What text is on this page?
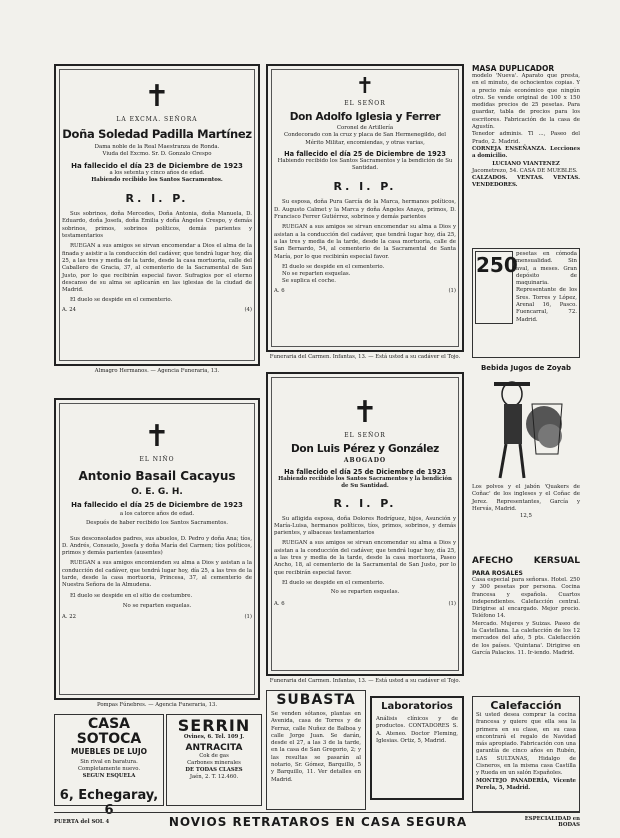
✝
LA EXCMA. SEÑORA
Doña Soledad Padilla Martínez
Dama noble de la Real Maestranza de Ronda.
Viuda del Excmo. Sr. D. Gonzalo Crespo
Ha fallecido el día 23 de Diciembre de 1923
a los setenta y cinco años de edad.
Habiendo recibido los Santos Sacramentos.
R. I. P.
Sus sobrinos, doña Mercedes, Doña Antonia, doña Manuela, D. Eduardo, doña Josefa, doña Emilia y doña Ángeles Crespo, y demás sobrinos, primos, sobrinos políticos, demás parientes y testamentarios
RUEGAN a sus amigos se sirvan encomendar a Dios el alma de la finada y asistir a la conducción del cadáver, que tendrá lugar hoy, día 25, a las tres y media de la tarde, desde la casa mortuoria, calle del Caballero de Gracia, 37, al cementerio de la Sacramental de San Justo, por lo que recibirán especial favor. Sufragios por el eterno descanso de su alma se aplicarán en las iglesias de la ciudad de Madrid.
El duelo se despide en el cementerio.
A. 24	(4)
Almagro Hermanos. — Agencia Funeraria, 13.
✝
EL NIÑO
Antonio Basail Cacayus
O. E. G. H.
Ha fallecido el día 25 de Diciembre de 1923
a los catorce años de edad.
Después de haber recibido los Santos Sacramentos.
Sus desconsolados padres, sus abuelos, D. Pedro y doña Ana; tíos, D. Andrés, Consuelo, Josefa y doña María del Carmen; tíos políticos, primos y demás parientes (ausentes)
RUEGAN a sus amigos encomienden su alma a Dios y asistan a la conducción del cadáver, que tendrá lugar hoy, día 25, a las tres de la tarde, desde la casa mortuoria, Princesa, 37, al cementerio de Nuestra Señora de la Almudena.
El duelo se despide en el sitio de costumbre.
No se reparten esquelas.
A. 22	(1)
Pompas Fúnebres. — Agencia Funeraria, 13.
✝
EL SEÑOR
Don Adolfo Iglesia y Ferrer
Coronel de Artillería
Condecorado con la cruz y placa de San Hermenegildo, del Mérito Militar, encomiendas, y otras varias,
Ha fallecido el día 25 de Diciembre de 1923
Habiendo recibido los Santos Sacramentos y la bendición de Su Santidad.
R. I. P.
Su esposa, doña Pura García de la Marca, hermanos políticos, D. Augusto Calmet y la Marca y doña Ángeles Anaya, primos, D. Francisco Ferrer Gutiérrez, sobrinos y demás parientes
RUEGAN a sus amigos se sirvan encomendar su alma a Dios y asistan a la conducción del cadáver, que tendrá lugar hoy, día 25, a las tres y media de la tarde, desde la casa mortuoria, calle de San Bernardo, 54, al cementerio de la Sacramental de Santa María, por lo que recibirán especial favor.
El duelo se despide en el cementerio.
No se reparten esquelas.
Se suplica el coche.
A. 6	(1)
Funeraria del Carmen. Infantas, 13. — Está usted a su cadáver el Tojo.
✝
EL SEÑOR
Don Luis Pérez y González
ABOGADO
Ha fallecido el día 25 de Diciembre de 1923
Habiendo recibido los Santos Sacramentos y la bendición de Su Santidad.
R. I. P.
Su afligida esposa, doña Dolores Rodríguez, hijos, Asunción y María-Luisa, hermanos políticos, tíos, primos, sobrinos, y demás parientes, y albaceas testamentarios
RUEGAN a sus amigos se sirvan encomendar su alma a Dios y asistan a la conducción del cadáver, que tendrá lugar hoy, día 25, a las tres y media de la tarde, desde la casa mortuoria, Paseo Ancho, 18, al cementerio de la Sacramental de San Justo, por lo que recibirán especial favor.
El duelo se despide en el cementerio.
No se reparten esquelas.
A. 6	(1)
Funeraria del Carmen. Infantas, 13. — Está usted a su cadáver el Tojo.
CASA SOTOCA
MUEBLES DE LUJO
Sin rival en baratura.
Completamente nuevo.
SEGUN ESQUELA
6, Echegaray, 6
SERRIN
Ovines, 6. Tel. 109 J.
ANTRACITA
Cok de gas
Carbones minerales
DE TODAS CLASES
Jaén, 2. T. 12.460.
SUBASTA
Se venden sótanos, plantas en Avenida, casa de Torres y de Ferraz, calle Nuñez de Balboa y calle Jorge Juan. Se darán, desde el 27, a las 3 de la tarde, en la casa de San Gregorio, 2; y las resultas se pasarán al notario, Sr. Gómez, Barquillo, 5 y Barquillo, 11. Ver detalles en Madrid.
Laboratorios
Análisis clínicos y de productos. CONTADORES S. A. Ateneo. Doctor Fleming, Iglesias. Ortiz, 5, Madrid.
MASA DUPLICADOR
modelo 'Nueva'. Aparato que presta, en el minuto, de ochocientos copias. Y a precio más económico que ningún otro. Se vende original de 100 x 150 medidas precios de 25 pesetas. Para guardar, tabla de precios para los escritores. Fabricación de la casa de Agustín.
Tenedor adminis. Tl ..., Paseo del Prado, 2. Madrid.
CORNEJA ENSEÑANZA. Lecciones a domicilio.
LUCIANO VIANTENEZ
Jacometrezo, 54. CASA DE MUEBLES.
CALZADOS. VENTAS. VENTAS. VENDEDORES.
250
pesetas en cómoda mensualidad. Sin aval, a meses. Gran depósito de maquinaria. Representante de los Sres. Torres y López, Arenal 16, Pasco. Fuencarral, 72. Madrid.
Bebida Jugos de Zoyab
Los polvos y el jabón 'Quakers de Coñac' de los ingleses y el Coñac de Jerez. Representantes, García y Hervás, Madrid.
12,5
AFECHO KERSUAL
PARA ROSALES
Casa especial para señoras. Hotel. 250 y 300 pesetas por persona. Cocina francesa y española. Cuartos independientes. Calefacción central. Dirigirse al encargado. Mejor precio. Teléfono 14.
Mercado. Mujeres y Suizas. Paseo de la Castellana. La calefacción de los 12 mercados del año, 5 pts. Calefacción de los países. 'Quintana'. Dirigirse en García Palacios. 11. Ir-iendo. Madrid.
Calefacción
Si usted desea comprar la cocina francesa y quiere que ella sea la primera en su clase, en su casa encontrará el regalo de Navidad más apropiado. Fabricación con una garantía de cinco años en Rubén, LAS SULTANAS, Hidalgo de Cisneros, en la misma casa Castilla y Rueda en un salón Españoles.
MONTEJO PANADERÍA, Vicente Perela, 5, Madrid.
PUERTA del SOL 4	NOVIOS RETRATAROS EN CASA SEGURA	ESPECIALIDAD en BODAS
